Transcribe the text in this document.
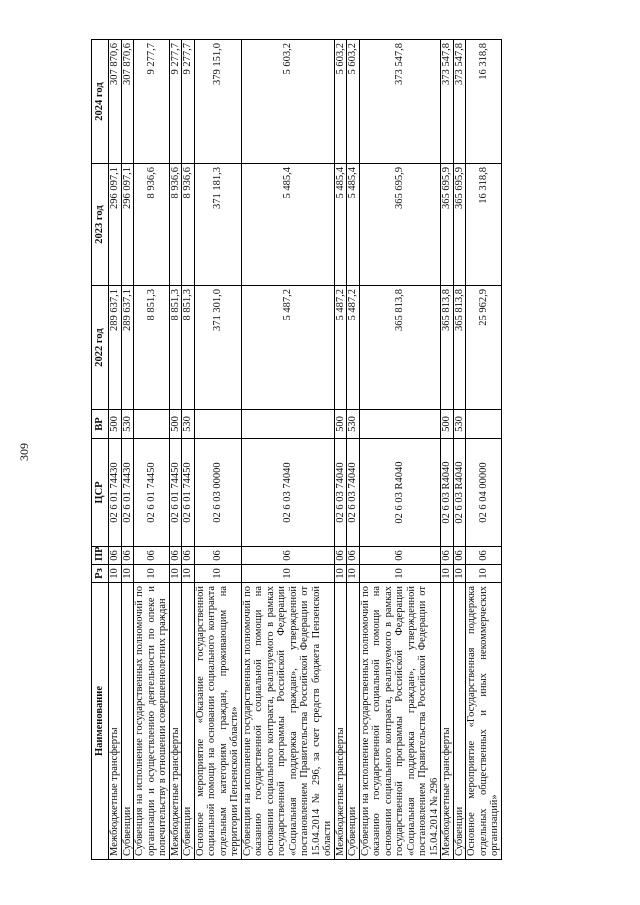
309
Наименование	Рз	ПР	ЦСР	ВР	2022 год	2023 год	2024 год
Межбюджетные трансферты	10	06	02 6 01 74430	500	289 637,1	296 097,1	307 870,6
Субвенции	10	06	02 6 01 74430	530	289 637,1	296 097,1	307 870,6
Субвенция на исполнение государственных полномочий по организации и осуществлению деятельности по опеке и попечительству в отношении совершеннолетних граждан	10	06	02 6 01 74450		8 851,3	8 936,6	9 277,7
Межбюджетные трансферты	10	06	02 6 01 74450	500	8 851,3	8 936,6	9 277,7
Субвенции	10	06	02 6 01 74450	530	8 851,3	8 936,6	9 277,7
Основное мероприятие «Оказание государственной социальной помощи на основании социального контракта отдельным категориям граждан, проживающим на территории Пензенской области»	10	06	02 6 03 00000		371 301,0	371 181,3	379 151,0
Субвенции на исполнение государственных полномочий по оказанию государственной социальной помощи на основании социального контракта, реализуемого в рамках государственной программы Российской Федерации «Социальная поддержка граждан», утвержденной постановлением Правительства Российской Федерации от 15.04.2014 № 296, за счет средств бюджета Пензенской области	10	06	02 6 03 74040		5 487,2	5 485,4	5 603,2
Межбюджетные трансферты	10	06	02 6 03 74040	500	5 487,2	5 485,4	5 603,2
Субвенции	10	06	02 6 03 74040	530	5 487,2	5 485,4	5 603,2
Субвенции на исполнение государственных полномочий по оказанию государственной социальной помощи на основании социального контракта, реализуемого в рамках государственной программы Российской Федерации «Социальная поддержка граждан», утвержденной постановлением Правительства Российской Федерации от 15.04.2014 № 296	10	06	02 6 03 R4040		365 813,8	365 695,9	373 547,8
Межбюджетные трансферты	10	06	02 6 03 R4040	500	365 813,8	365 695,9	373 547,8
Субвенции	10	06	02 6 03 R4040	530	365 813,8	365 695,9	373 547,8
Основное мероприятие «Государственная поддержка отдельных общественных и иных некоммерческих организаций»	10	06	02 6 04 00000		25 962,9	16 318,8	16 318,8
